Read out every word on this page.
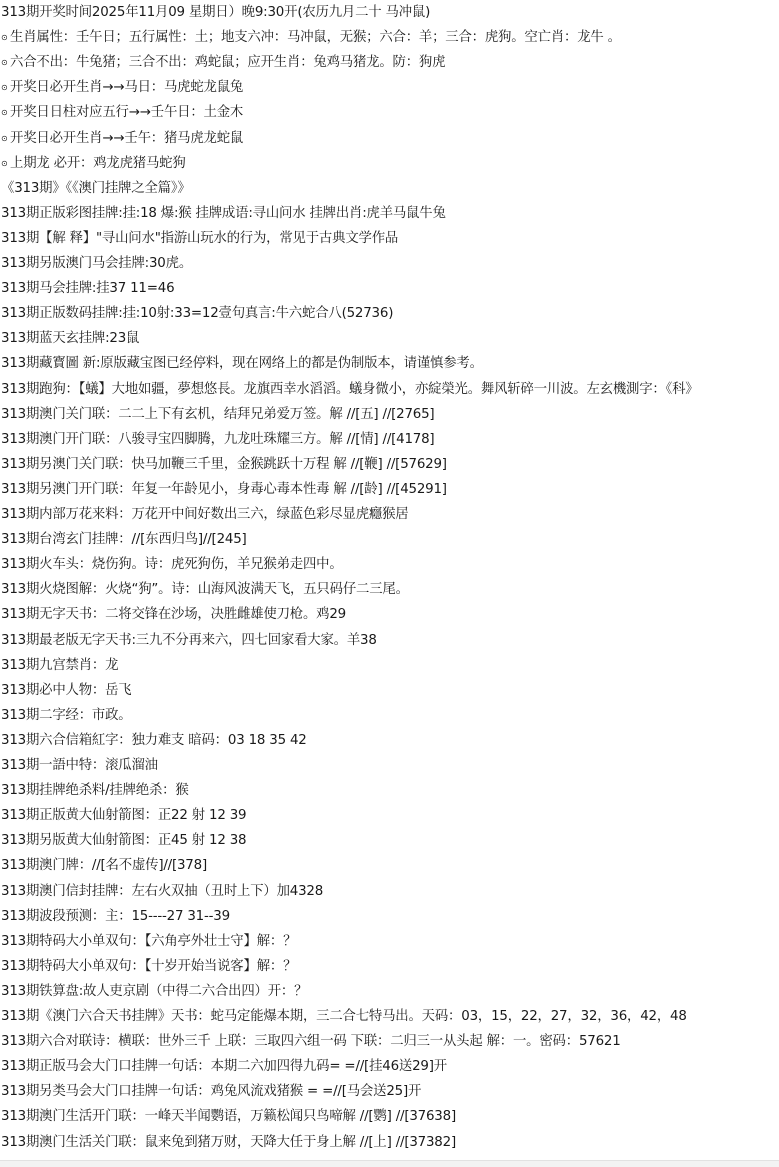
313期开奖时间2025年11月09 星期日）晚9:30开(农历九月二十 马冲鼠)
⊙ 生肖属性：壬午日；五行属性：土；地支六冲：马冲鼠，无猴；六合：羊；三合：虎狗。空亡肖：龙牛 。
⊙ 六合不出：牛兔猪；三合不出：鸡蛇鼠；应开生肖：兔鸡马猪龙。防：狗虎
⊙ 开奖日必开生肖→→马日：马虎蛇龙鼠兔
⊙ 开奖日日柱对应五行→→壬午日：土金木
⊙ 开奖日必开生肖→→壬午：猪马虎龙蛇鼠
⊙ 上期龙 必开：鸡龙虎猪马蛇狗
《313期》《《澳门挂牌之全篇》》
313期正版彩图挂牌:挂:18 爆:猴 挂牌成语:寻山问水 挂牌出肖:虎羊马鼠牛兔
313期【解 释】"寻山问水"指游山玩水的行为，常见于古典文学作品
313期另版澳门马会挂牌:30虎。
313期马会挂牌:挂37 11=46
313期正版数码挂牌:挂:10射:33=12壹句真言:牛六蛇合八(52736)
313期蓝天玄挂牌:23鼠
313期藏寳圖 新:原版藏宝图已经停料，现在网络上的都是伪制版本，请谨慎参考。
313期跑狗：【蟻】大地如疆，夢想悠長。龙旗西幸水滔滔。蟻身微小，亦綻榮光。舞风斩碎一川波。左玄機測字：《科》
313期澳门关门联：二二上下有玄机，结拜兄弟爱万签。解 //[五] //[2765]
313期澳门开门联：八骏寻宝四脚腾，九龙吐珠耀三方。解 //[情] //[4178]
313期另澳门关门联：快马加鞭三千里，金猴跳跃十万程 解 //[鞭] //[57629]
313期另澳门开门联：年复一年龄见小，身毒心毒本性毒 解 //[龄] //[45291]
313期内部万花来料：万花开中间好数出三六，绿蓝色彩尽显虎癮猴居
313期台湾玄门挂牌：//[东西归鸟]//[245]
313期火车头：烧伤狗。诗：虎死狗伤，羊兄猴弟走四中。
313期火烧图解：火烧“狗”。诗：山海风波满天飞，五只码仔二三尾。
313期无字天书：二将交锋在沙场，决胜雌雄使刀枪。鸡29
313期最老版无字天书:三九不分再来六，四七回家看大家。羊38
313期九宫禁肖：龙
313期必中人物：岳飞
313期二字经：市政。
313期六合信箱紅字：独力难支 暗码：03 18 35 42
313期一語中特：滚瓜溜油
313期挂牌绝杀料/挂牌绝杀：猴
313期正版黄大仙射箭图：正22 射 12 39
313期另版黄大仙射箭图：正45 射 12 38
313期澳门牌：//[名不虚传]//[378]
313期澳门信封挂牌：左右火双抽（丑时上下）加4328
313期波段预测：主：15----27 31--39
313期特码大小单双句：【六角亭外壮士守】解：？
313期特码大小单双句：【十岁开始当说客】解：？
313期铁算盘:故人吏京剧（中得二六合出四）开：？
313期《澳门六合天书挂牌》天书：蛇马定能爆本期，三二合七特马出。天码：03，15，22，27，32，36，42，48
313期六合对联诗：横联：世外三千 上联：三取四六组一码 下联：二归三一从头起 解：一。密码：57621
313期正版马会大门口挂牌一句话：本期二六加四得九码= =//[挂46送29]开
313期另类马会大门口挂牌一句话：鸡兔风流戏猪猴 = =//[马会送25]开
313期澳门生活开门联：一峰天半闻鹦语，万籁松闻只鸟啼解 //[鹦] //[37638]
313期澳门生活关门联：鼠来兔到猪万财，天降大任于身上解 //[上] //[37382]
